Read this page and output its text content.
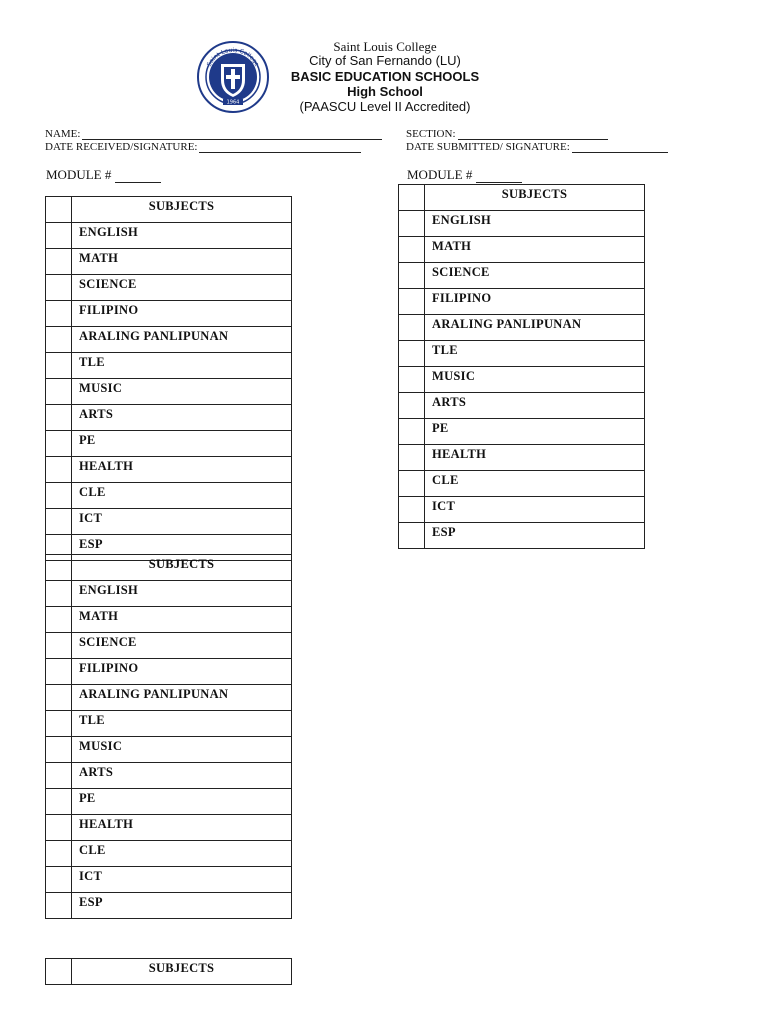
1964
Saint Louis College
Saint Louis College
City of San Fernando (LU)
BASIC EDUCATION SCHOOLS
High School
(PAASCU Level II Accredited)
NAME:	SECTION:
DATE RECEIVED/SIGNATURE:	DATE SUBMITTED/ SIGNATURE:
MODULE #	MODULE #
	SUBJECTS
	ENGLISH
	MATH
	SCIENCE
	FILIPINO
	ARALING PANLIPUNAN
	TLE
	MUSIC
	ARTS
	PE
	HEALTH
	CLE
	ICT
	ESP
	SUBJECTS
	ENGLISH
	MATH
	SCIENCE
	FILIPINO
	ARALING PANLIPUNAN
	TLE
	MUSIC
	ARTS
	PE
	HEALTH
	CLE
	ICT
	ESP
	SUBJECTS
	ENGLISH
	MATH
	SCIENCE
	FILIPINO
	ARALING PANLIPUNAN
	TLE
	MUSIC
	ARTS
	PE
	HEALTH
	CLE
	ICT
	ESP
	SUBJECTS
